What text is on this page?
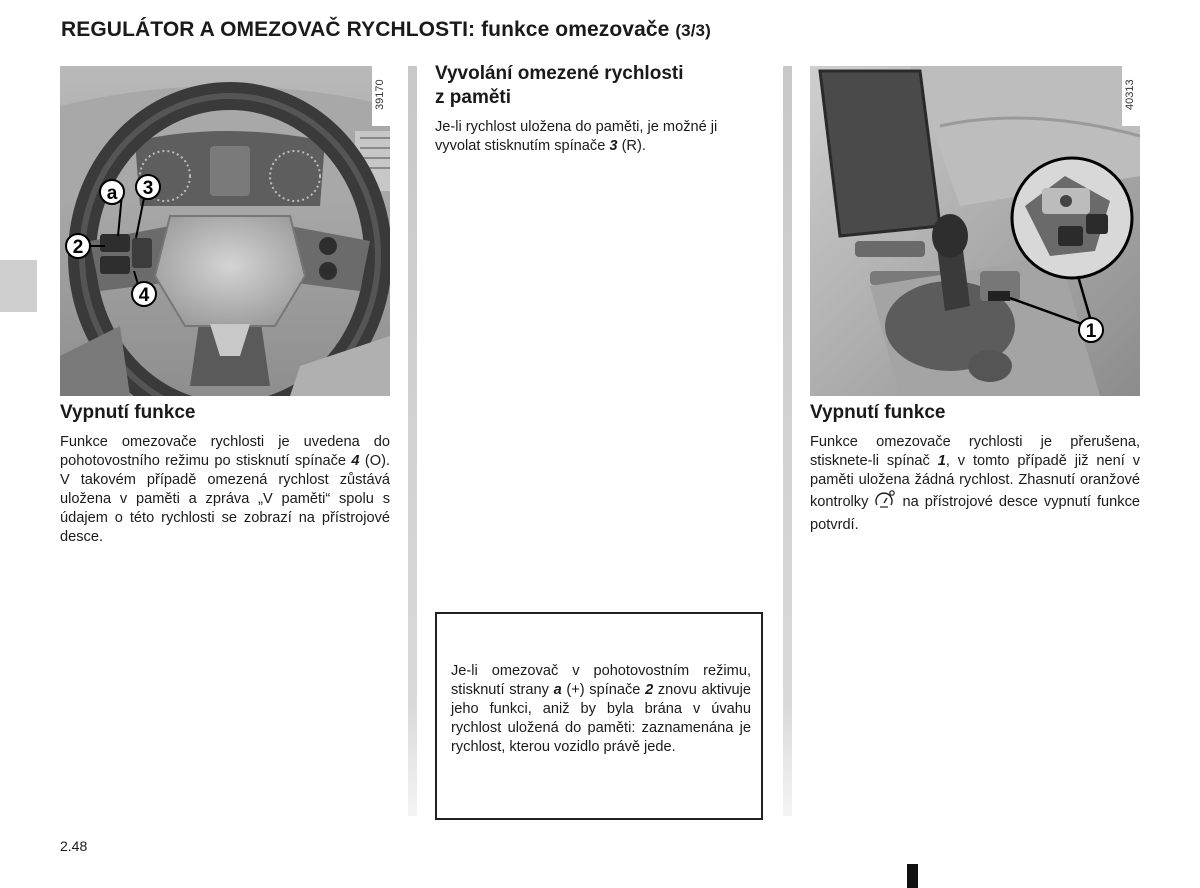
REGULÁTOR A OMEZOVAČ RYCHLOSTI: funkce omezovače (3/3)
a 3
2
4
39170
Vypnutí funkce

Funkce omezovače rychlosti je uvedena do pohotovostního režimu po stisknutí spínače 4 (O). V takovém případě omezená rychlost zůstává uložena v paměti a zpráva „V paměti“ spolu s údajem o této rychlosti se zobrazí na přístrojové desce.

Vyvolání omezené rychlosti
z paměti

Je-li rychlost uložena do paměti, je možné ji vyvolat stisknutím spínače 3 (R).

Je-li omezovač v pohotovostním režimu, stisknutí strany a (+) spínače 2 znovu aktivuje jeho funkci, aniž by byla brána v úvahu rychlost uložená do paměti: zaznamenána je rychlost, kterou vozidlo právě jede.

1
40313
Vypnutí funkce

Funkce omezovače rychlosti je přerušena, stisknete-li spínač 1, v tomto případě již není v paměti uložena žádná rychlost. Zhasnutí oranžové kontrolky  na přístrojové desce vypnutí funkce potvrdí.

2.48
